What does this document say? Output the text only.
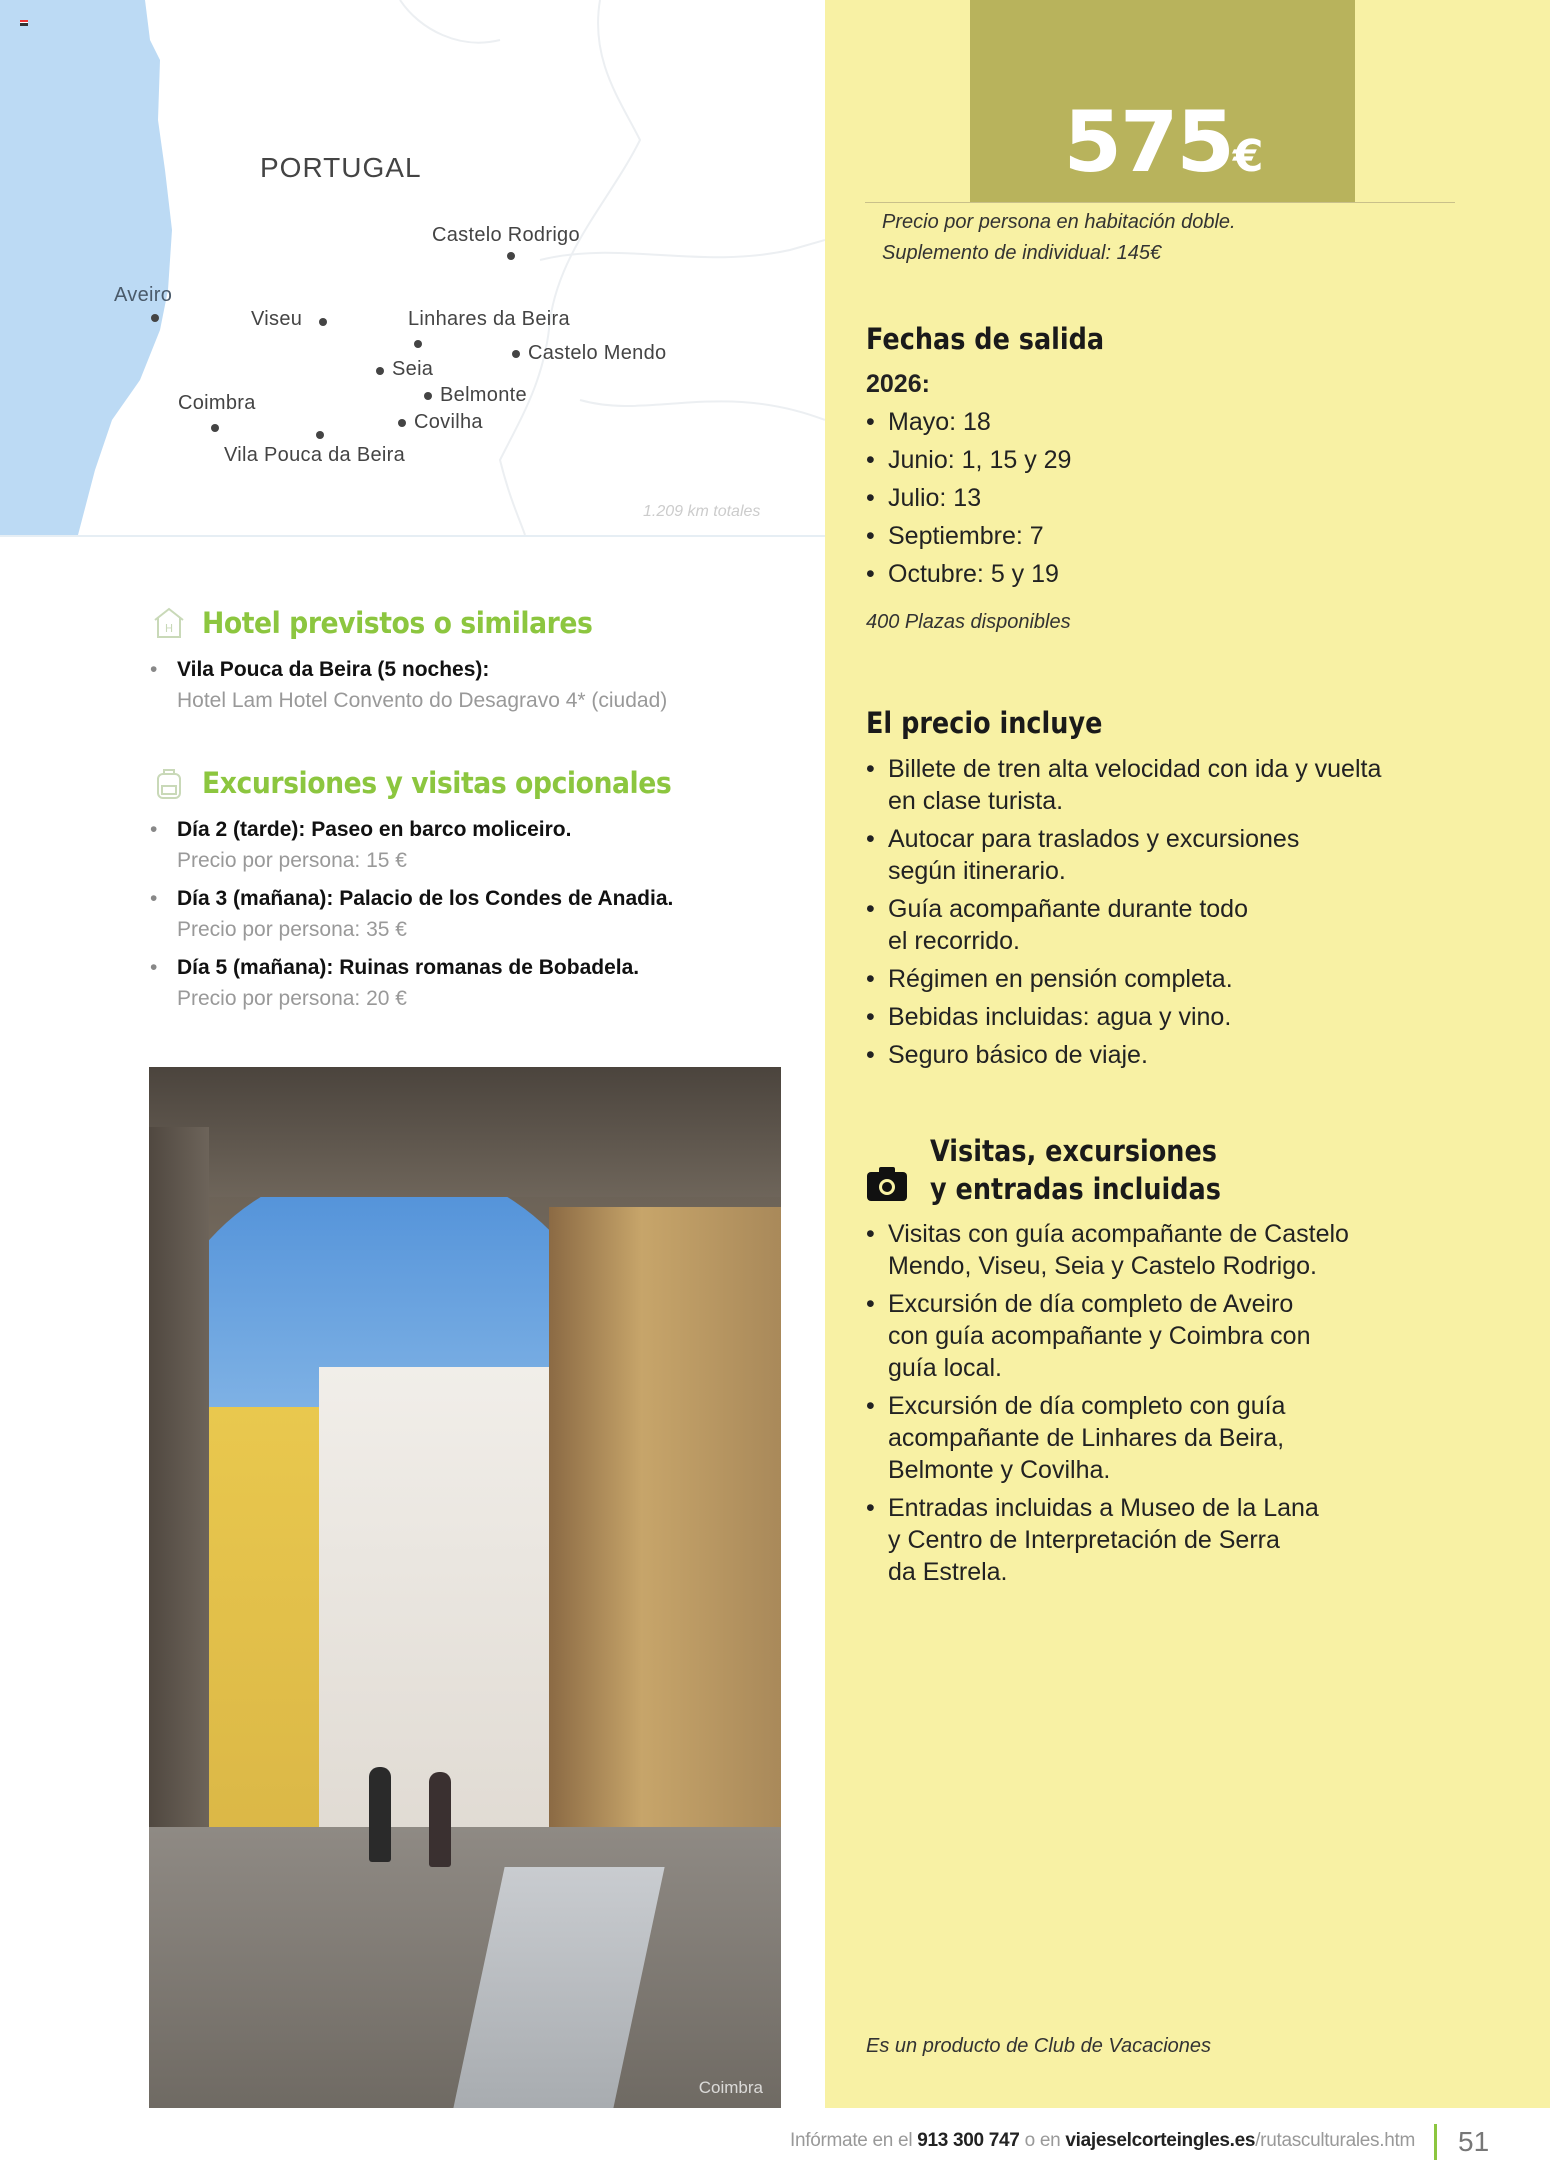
PORTUGAL
Castelo Rodrigo
Aveiro
Viseu	Linhares da Beira
Castelo Mendo
Seia
Belmonte
Covilha
Coimbra
Vila Pouca da Beira
1.209 km totales
H Hotel previstos o similares
• Vila Pouca da Beira (5 noches):
Hotel Lam Hotel Convento do Desagravo 4* (ciudad)
Excursiones y visitas opcionales
• Día 2 (tarde): Paseo en barco moliceiro.
Precio por persona: 15 €
• Día 3 (mañana): Palacio de los Condes de Anadia.
Precio por persona: 35 €
• Día 5 (mañana): Ruinas romanas de Bobadela.
Precio por persona: 20 €
Coimbra
575€
Precio por persona en habitación doble.
Suplemento de individual: 145€
Fechas de salida
2026:
• Mayo: 18
• Junio: 1, 15 y 29
• Julio: 13
• Septiembre: 7
• Octubre: 5 y 19
400 Plazas disponibles
El precio incluye
• Billete de tren alta velocidad con ida y vuelta
en clase turista.
• Autocar para traslados y excursiones
según itinerario.
• Guía acompañante durante todo
el recorrido.
• Régimen en pensión completa.
• Bebidas incluidas: agua y vino.
• Seguro básico de viaje.
Visitas, excursiones
y entradas incluidas
• Visitas con guía acompañante de Castelo
Mendo, Viseu, Seia y Castelo Rodrigo.
• Excursión de día completo de Aveiro
con guía acompañante y Coimbra con
guía local.
• Excursión de día completo con guía
acompañante de Linhares da Beira,
Belmonte y Covilha.
• Entradas incluidas a Museo de la Lana
y Centro de Interpretación de Serra
da Estrela.
Es un producto de Club de Vacaciones
Infórmate en el 913 300 747 o en viajeselcorteingles.es/rutasculturales.htm 51
